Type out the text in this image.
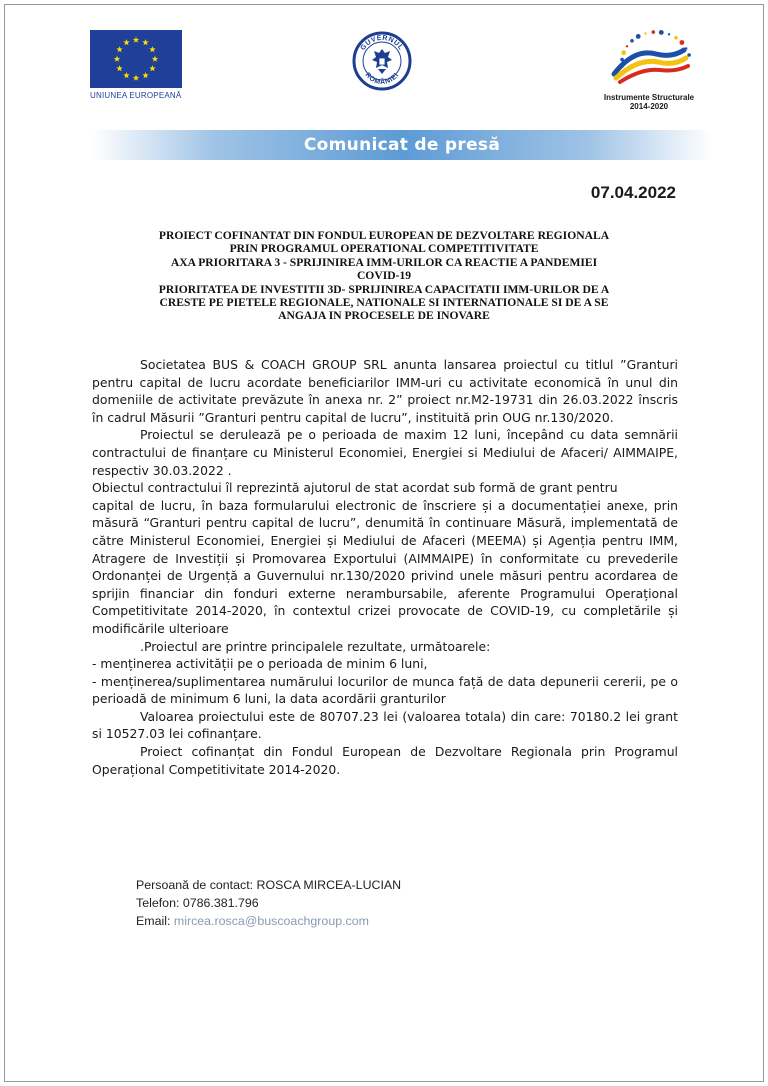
UNIUNEA EUROPEANĂ
GUVERNUL
ROMÂNIEI
Instrumente Structurale
2014-2020
Comunicat de presă
07.04.2022
PROIECT COFINANTAT DIN FONDUL EUROPEAN DE DEZVOLTARE REGIONALA
PRIN PROGRAMUL OPERATIONAL COMPETITIVITATE
AXA PRIORITARA 3 - SPRIJINIREA IMM-URILOR CA REACTIE A PANDEMIEI
COVID-19
PRIORITATEA DE INVESTITII 3D- SPRIJINIREA CAPACITATII IMM-URILOR DE A
CRESTE PE PIETELE REGIONALE, NATIONALE SI INTERNATIONALE SI DE A SE
ANGAJA IN PROCESELE DE INOVARE

Societatea BUS & COACH GROUP SRL anunta lansarea proiectul cu titlul ”Granturi pentru capital de lucru acordate beneficiarilor IMM-uri cu activitate economică în unul din domeniile de activitate prevăzute în anexa nr. 2” proiect nr.M2-19731 din 26.03.2022 înscris în cadrul Măsurii ”Granturi pentru capital de lucru”, instituită prin OUG nr.130/2020.

Proiectul se derulează pe o perioada de maxim 12 luni, începând cu data semnării contractului de finanțare cu Ministerul Economiei, Energiei si Mediului de Afaceri/ AIMMAIPE, respectiv 30.03.2022 .

Obiectul contractului îl reprezintă ajutorul de stat acordat sub formă de grant pentru

capital de lucru, în baza formularului electronic de înscriere și a documentației anexe, prin măsură “Granturi pentru capital de lucru”, denumită în continuare Măsură, implementată de către Ministerul Economiei, Energiei și Mediului de Afaceri (MEEMA) și Agenția pentru IMM, Atragere de Investiții și Promovarea Exportului (AIMMAIPE) în conformitate cu prevederile Ordonanței de Urgență a Guvernului nr.130/2020 privind unele măsuri pentru acordarea de sprijin financiar din fonduri externe nerambursabile, aferente Programului Operațional Competitivitate 2014-2020, în contextul crizei provocate de COVID-19, cu completările și modificările ulterioare

.Proiectul are printre principalele rezultate, următoarele:

- menținerea activității pe o perioada de minim 6 luni,

- menținerea/suplimentarea numărului locurilor de munca față de data depunerii cererii, pe o perioadă de minimum 6 luni, la data acordării granturilor

Valoarea proiectului este de 80707.23 lei (valoarea totala) din care: 70180.2 lei grant si 10527.03 lei cofinanțare.

Proiect cofinanțat din Fondul European de Dezvoltare Regionala prin Programul Operațional Competitivitate 2014-2020.

Persoană de contact: ROSCA MIRCEA-LUCIAN
Telefon: 0786.381.796
Email: mircea.rosca@buscoachgroup.com
